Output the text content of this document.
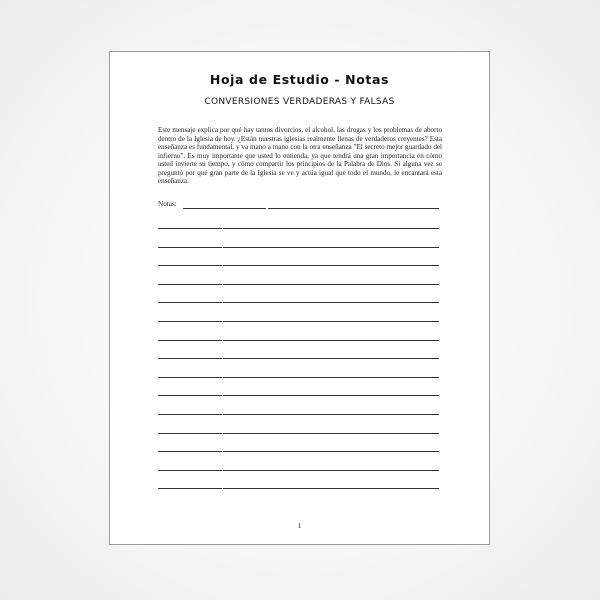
Hoja de Estudio - Notas
CONVERSIONES VERDADERAS Y FALSAS
Este mensaje explica por qué hay tantos divorcios, el alcohol, las drogas y los problemas de aborto dentro de la Iglesia de hoy. ¿Están nuestras iglesias realmente llenas de verdaderos creyentes? Esta enseñanza es fundamental, y va mano a mano con la otra enseñanza "El secreto mejor guardado del infierno". Es muy importante que usted lo entienda, ya que tendrá una gran importancia en cómo usted invierte su tiempo, y cómo compartir los principios de la Palabra de Dios. Si alguna vez se preguntó por qué gran parte de la Iglesia se ve y actúa igual que todo el mundo, le encantará esta enseñanza.
Notas:
1
